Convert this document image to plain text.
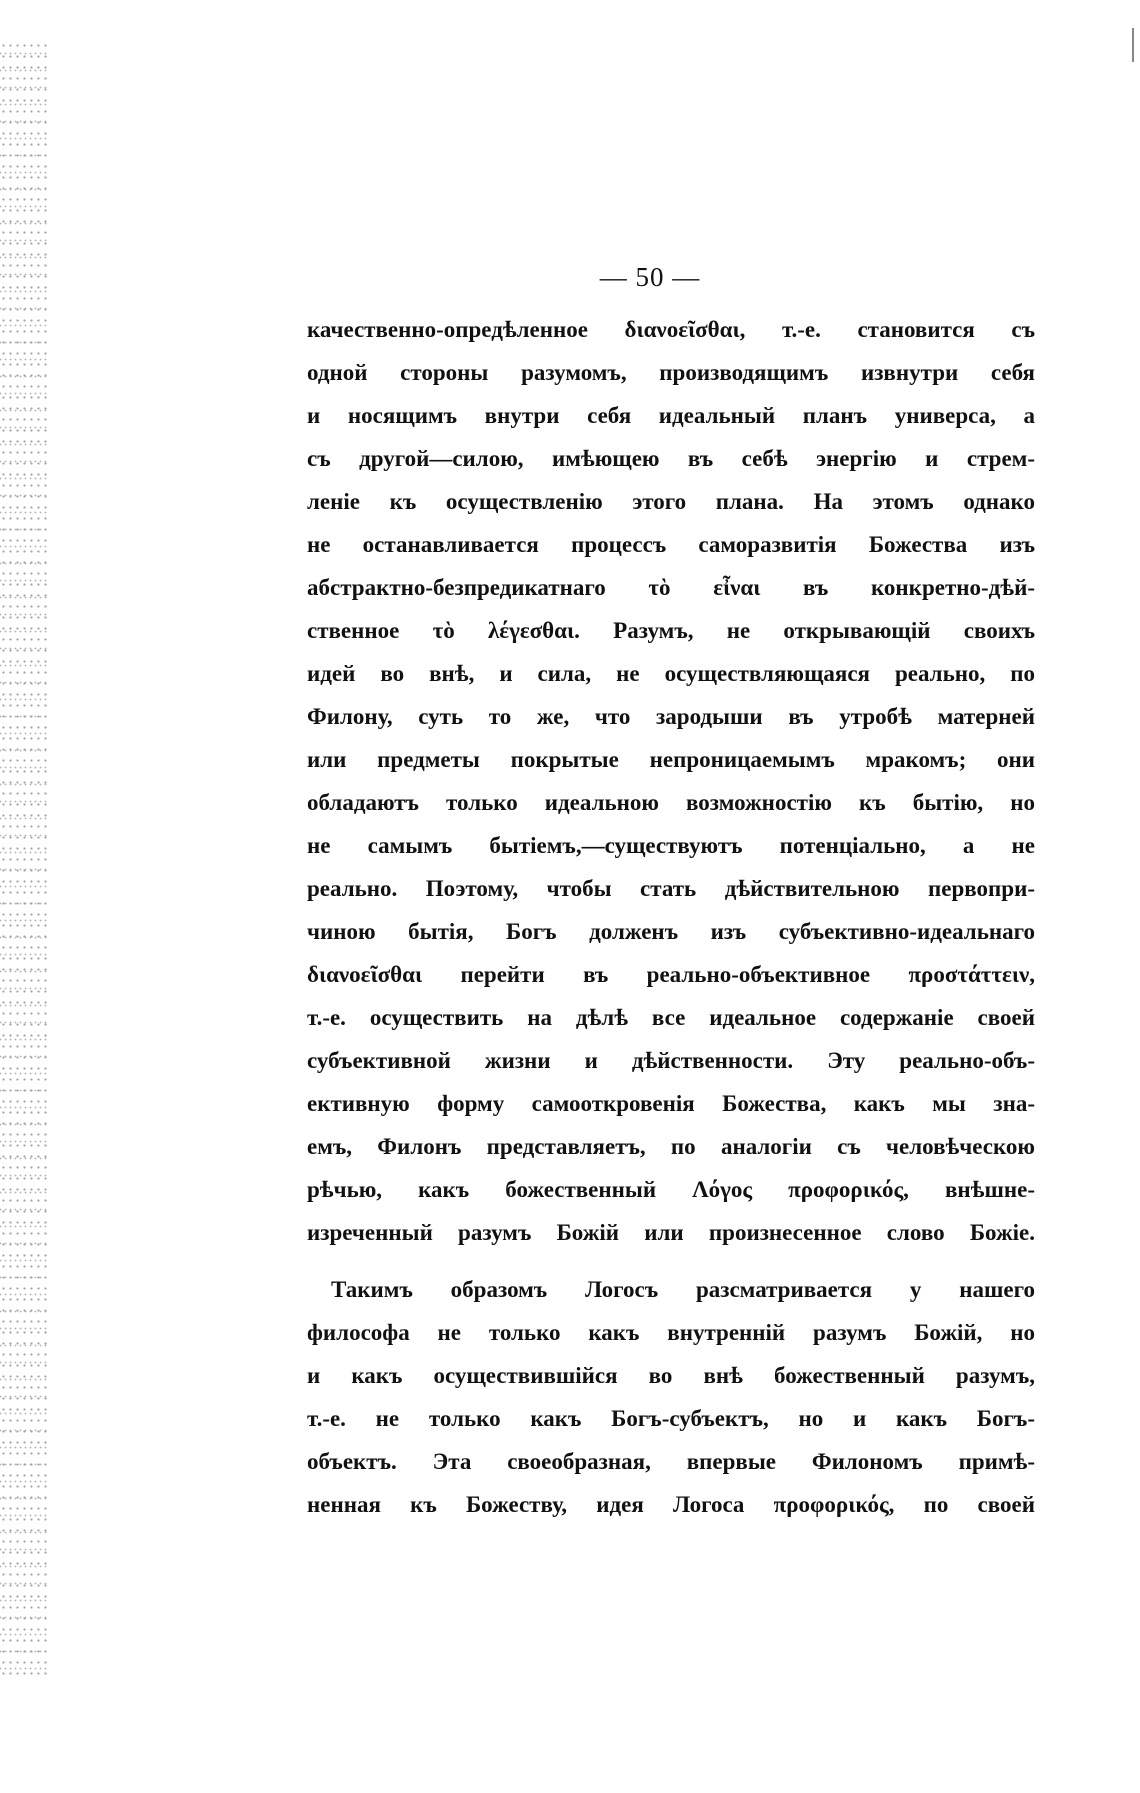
— 50 —
качественно-опредѣленное διανοεῖσθαι, т.-е. становится съ
одной стороны разумомъ, производящимъ извнутри себя
и носящимъ внутри себя идеальный планъ универса, а
съ другой—силою, имѣющею въ себѣ энергію и стрем-
леніе къ осуществленію этого плана. На этомъ однако
не останавливается процессъ саморазвитія Божества изъ
абстрактно-безпредикатнаго τὸ εἶναι въ конкретно-дѣй-
ственное τὸ λέγεσθαι. Разумъ, не открывающій своихъ
идей во внѣ, и сила, не осуществляющаяся реально, по
Филону, суть то же, что зародыши въ утробѣ матерней
или предметы покрытые непроницаемымъ мракомъ; они
обладаютъ только идеальною возможностію къ бытію, но
не самымъ бытіемъ,—существуютъ потенціально, а не
реально. Поэтому, чтобы стать дѣйствительною первопри-
чиною бытія, Богъ долженъ изъ субъективно-идеальнаго
διανοεῖσθαι перейти въ реально-объективное προστάττειν,
т.-е. осуществить на дѣлѣ все идеальное содержаніе своей
субъективной жизни и дѣйственности. Эту реально-объ-
ективную форму самооткровенія Божества, какъ мы зна-
емъ, Филонъ представляетъ, по аналогіи съ человѣческою
рѣчью, какъ божественный Λόγος προφορικός, внѣшне-
изреченный разумъ Божій или произнесенное слово Божіе.
Такимъ образомъ Логосъ разсматривается у нашего
философа не только какъ внутренній разумъ Божій, но
и какъ осуществившійся во внѣ божественный разумъ,
т.-е. не только какъ Богъ-субъектъ, но и какъ Богъ-
объектъ. Эта своеобразная, впервые Филономъ примѣ-
ненная къ Божеству, идея Логоса προφορικός, по своей
